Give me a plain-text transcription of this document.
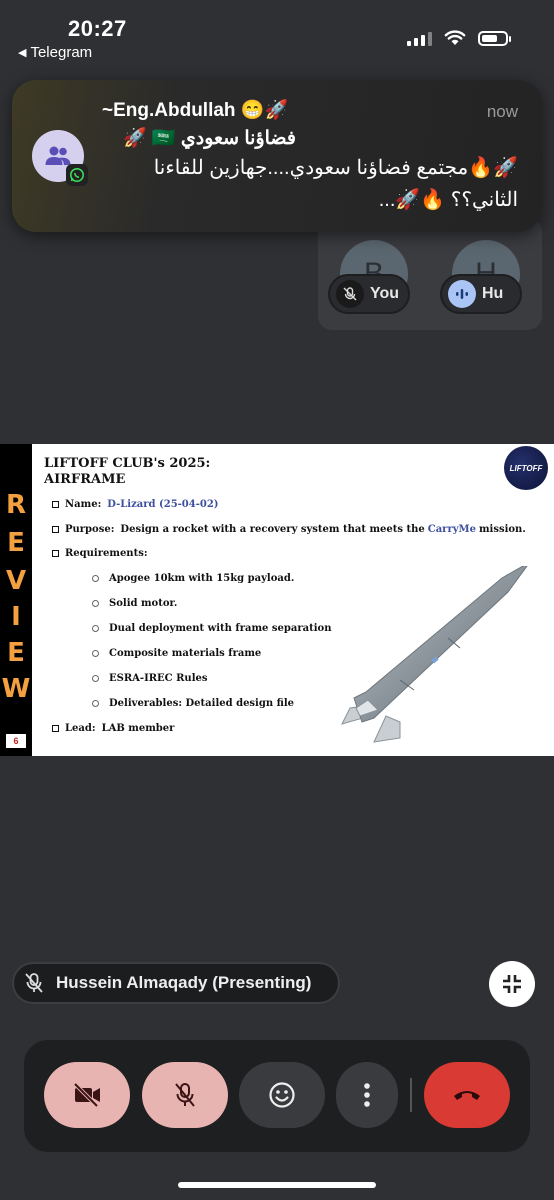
20:27
◀ Telegram
You	Hu
~Eng.Abdullah 😁🚀	now
فضاؤنا سعودي 🇸🇦 🚀
🚀🔥مجتمع فضاؤنا سعودي....جهازين للقاءنا الثاني؟؟ 🔥🚀...
R
E
V
I
E
W
6
LIFTOFF CLUB's 2025:
AIRFRAME
LIFTOFF
Name: D-Lizard (25-04-02)
Purpose: Design a rocket with a recovery system that meets the CarryMe mission.
Requirements:
Apogee 10km with 15kg payload.
Solid motor.
Dual deployment with frame separation
Composite materials frame
ESRA-IREC Rules
Deliverables: Detailed design file
Lead: LAB member
Hussein Almaqady (Presenting)
